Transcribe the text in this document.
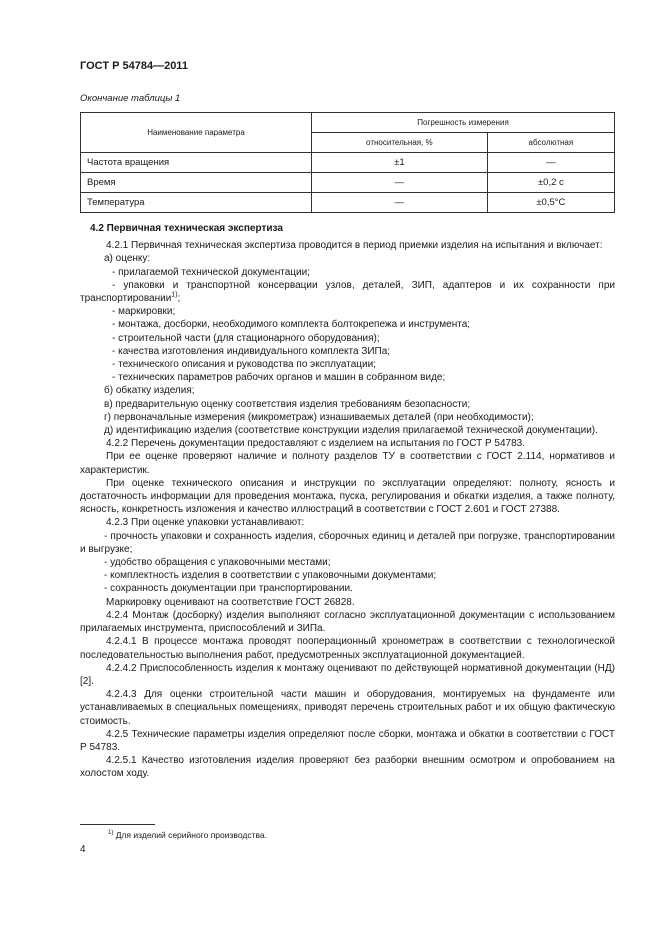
ГОСТ Р 54784—2011
Окончание таблицы 1
Наименование параметра	Погрешность измерения	
	относительная, %	абсолютная
Частота вращения	±1	—
Время	—	±0,2 с
Температура	—	±0,5°С

4.2 Первичная техническая экспертиза

4.2.1 Первичная техническая экспертиза проводится в период приемки изделия на испытания и включает:

а) оценку:

- прилагаемой технической документации;

- упаковки и транспортной консервации узлов, деталей, ЗИП, адаптеров и их сохранности при транспортировании$^{1)}$;

- маркировки;

- монтажа, досборки, необходимого комплекта болтокрепежа и инструмента;

- строительной части (для стационарного оборудования);

- качества изготовления индивидуального комплекта ЗИПа;

- технического описания и руководства по эксплуатации;

- технических параметров рабочих органов и машин в собранном виде;

б) обкатку изделия;

в) предварительную оценку соответствия изделия требованиям безопасности;

г) первоначальные измерения (микрометраж) изнашиваемых деталей (при необходимости);

д) идентификацию изделия (соответствие конструкции изделия прилагаемой технической документации).

4.2.2 Перечень документации предоставляют с изделием на испытания по ГОСТ Р 54783.

При ее оценке проверяют наличие и полноту разделов ТУ в соответствии с ГОСТ 2.114, нормативов и характеристик.

При оценке технического описания и инструкции по эксплуатации определяют: полноту, ясность и достаточность информации для проведения монтажа, пуска, регулирования и обкатки изделия, а также полноту, ясность, конкретность изложения и качество иллюстраций в соответствии с ГОСТ 2.601 и ГОСТ 27388.

4.2.3 При оценке упаковки устанавливают:

- прочность упаковки и сохранность изделия, сборочных единиц и деталей при погрузке, транспортировании и выгрузке;

- удобство обращения с упаковочными местами;

- комплектность изделия в соответствии с упаковочными документами;

- сохранность документации при транспортировании.

Маркировку оценивают на соответствие ГОСТ 26828.

4.2.4 Монтаж (досборку) изделия выполняют согласно эксплуатационной документации с использованием прилагаемых инструмента, приспособлений и ЗИПа.

4.2.4.1 В процессе монтажа проводят пооперационный хронометраж в соответствии с технологической последовательностью выполнения работ, предусмотренных эксплуатационной документацией.

4.2.4.2 Приспособленность изделия к монтажу оценивают по действующей нормативной документации (НД) [2].

4.2.4.3 Для оценки строительной части машин и оборудования, монтируемых на фундаменте или устанавливаемых в специальных помещениях, приводят перечень строительных работ и их общую фактическую стоимость.

4.2.5 Технические параметры изделия определяют после сборки, монтажа и обкатки в соответствии с ГОСТ Р 54783.

4.2.5.1 Качество изготовления изделия проверяют без разборки внешним осмотром и опробованием на холостом ходу.

$^{1)}$ Для изделий серийного производства.
4
